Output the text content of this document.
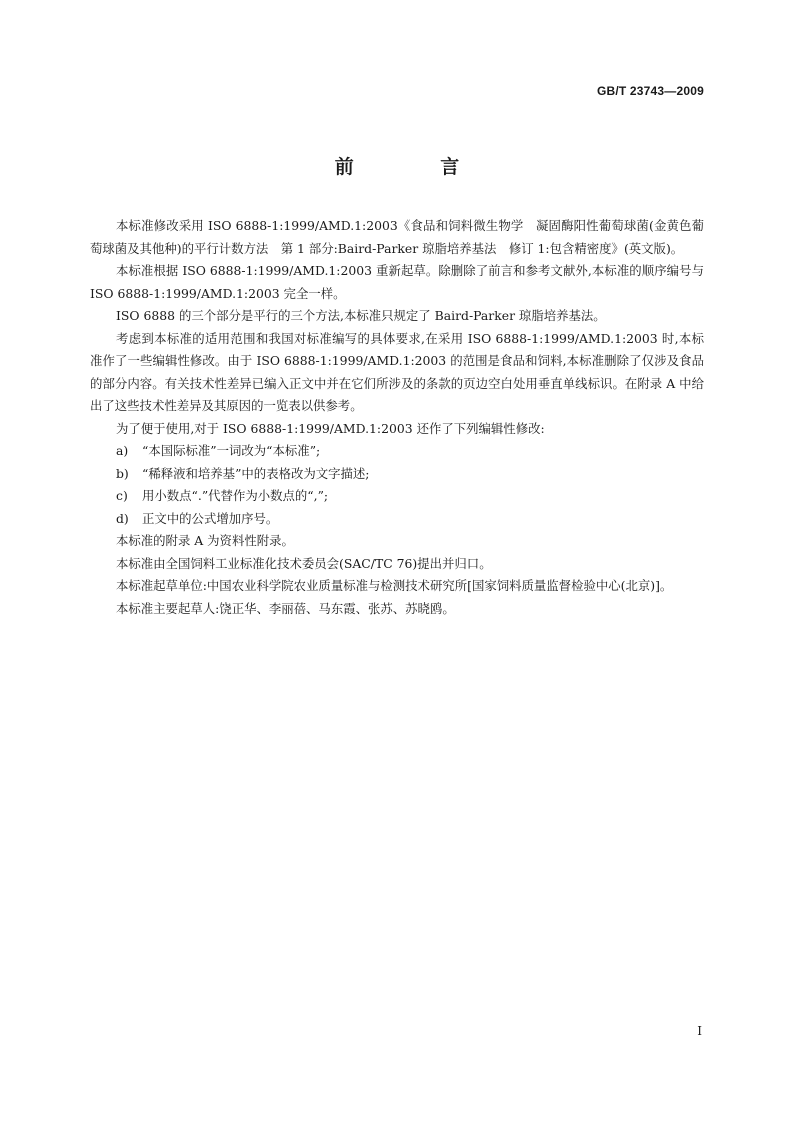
GB/T 23743—2009
前 言

本标准修改采用 ISO 6888-1:1999/AMD.1:2003《食品和饲料微生物学　凝固酶阳性葡萄球菌(金黄色葡萄球菌及其他种)的平行计数方法　第 1 部分:Baird-Parker 琼脂培养基法　修订 1:包含精密度》(英文版)。

本标准根据 ISO 6888-1:1999/AMD.1:2003 重新起草。除删除了前言和参考文献外,本标准的顺序编号与 ISO 6888-1:1999/AMD.1:2003 完全一样。

ISO 6888 的三个部分是平行的三个方法,本标准只规定了 Baird-Parker 琼脂培养基法。

考虑到本标准的适用范围和我国对标准编写的具体要求,在采用 ISO 6888-1:1999/AMD.1:2003 时,本标准作了一些编辑性修改。由于 ISO 6888-1:1999/AMD.1:2003 的范围是食品和饲料,本标准删除了仅涉及食品的部分内容。有关技术性差异已编入正文中并在它们所涉及的条款的页边空白处用垂直单线标识。在附录 A 中给出了这些技术性差异及其原因的一览表以供参考。

为了便于使用,对于 ISO 6888-1:1999/AMD.1:2003 还作了下列编辑性修改:

a) “本国际标准”一词改为“本标准”;

b) “稀释液和培养基”中的表格改为文字描述;

c) 用小数点“.”代替作为小数点的“,”;

d) 正文中的公式增加序号。

本标准的附录 A 为资料性附录。

本标准由全国饲料工业标准化技术委员会(SAC/TC 76)提出并归口。

本标准起草单位:中国农业科学院农业质量标准与检测技术研究所[国家饲料质量监督检验中心(北京)]。

本标准主要起草人:饶正华、李丽蓓、马东霞、张苏、苏晓鸥。

I
